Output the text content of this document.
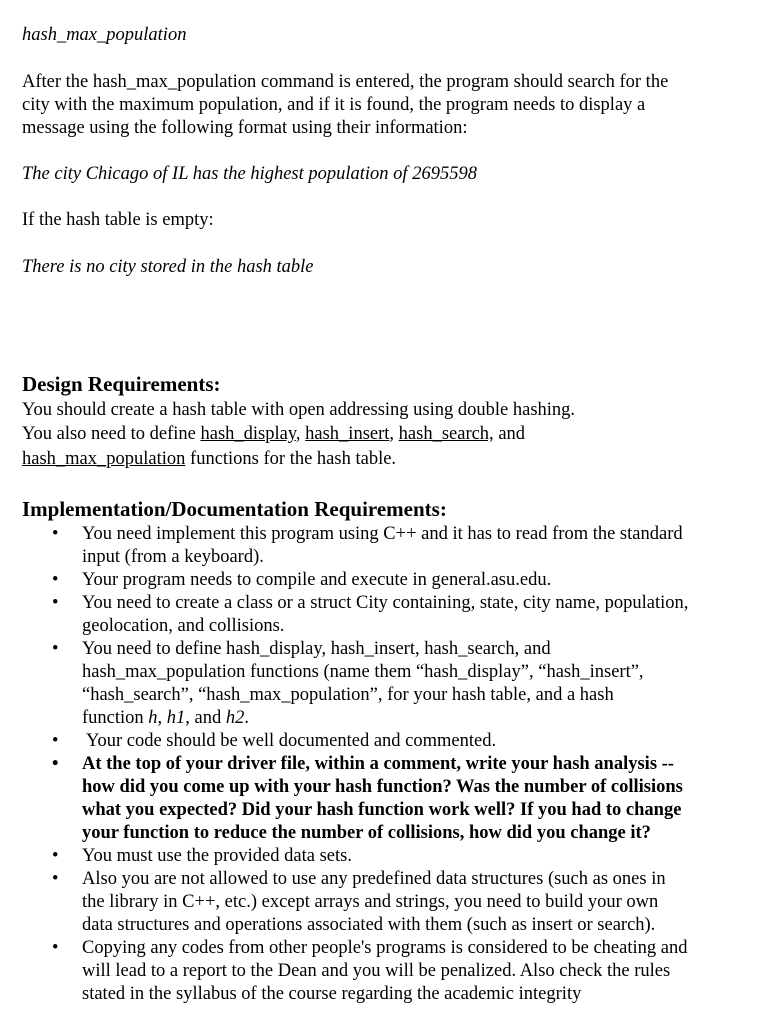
hash_max_population
After the hash_max_population command is entered, the program should search for the
city with the maximum population, and if it is found, the program needs to display a
message using the following format using their information:
The city Chicago of IL has the highest population of 2695598
If the hash table is empty:
There is no city stored in the hash table
Design Requirements:
You should create a hash table with open addressing using double hashing.
You also need to define hash_display, hash_insert, hash_search, and
hash_max_population functions for the hash table.
Implementation/Documentation Requirements:
• You need implement this program using C++ and it has to read from the standard
input (from a keyboard).
• Your program needs to compile and execute in general.asu.edu.
• You need to create a class or a struct City containing, state, city name, population,
geolocation, and collisions.
• You need to define hash_display, hash_insert, hash_search, and
hash_max_population functions (name them “hash_display”, “hash_insert”,
“hash_search”, “hash_max_population”, for your hash table, and a hash
function h, h1, and h2.
• Your code should be well documented and commented.
• At the top of your driver file, within a comment, write your hash analysis --
how did you come up with your hash function? Was the number of collisions
what you expected? Did your hash function work well? If you had to change
your function to reduce the number of collisions, how did you change it?
• You must use the provided data sets.
• Also you are not allowed to use any predefined data structures (such as ones in
the library in C++, etc.) except arrays and strings, you need to build your own
data structures and operations associated with them (such as insert or search).
• Copying any codes from other people's programs is considered to be cheating and
will lead to a report to the Dean and you will be penalized. Also check the rules
stated in the syllabus of the course regarding the academic integrity
